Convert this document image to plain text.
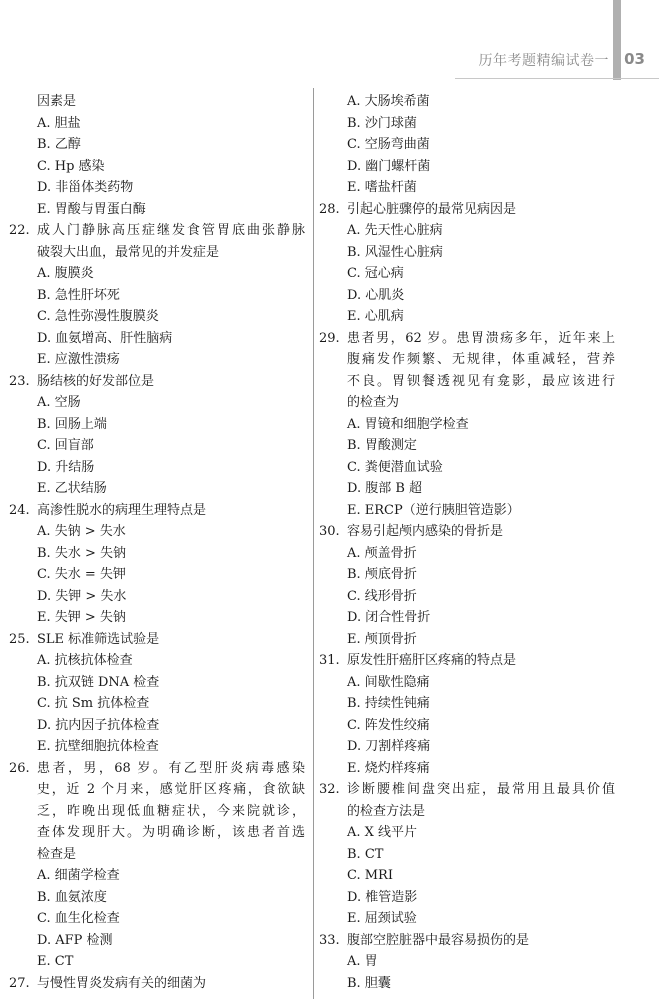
历年考题精编试卷一 03
因素是
A. 胆盐
B. 乙醇
C. Hp 感染
D. 非甾体类药物
E. 胃酸与胃蛋白酶
22. 成人门静脉高压症继发食管胃底曲张静脉
破裂大出血，最常见的并发症是
A. 腹膜炎
B. 急性肝坏死
C. 急性弥漫性腹膜炎
D. 血氨增高、肝性脑病
E. 应激性溃疡
23. 肠结核的好发部位是
A. 空肠
B. 回肠上端
C. 回盲部
D. 升结肠
E. 乙状结肠
24. 高渗性脱水的病理生理特点是
A. 失钠 > 失水
B. 失水 > 失钠
C. 失水 = 失钾
D. 失钾 > 失水
E. 失钾 > 失钠
25. SLE 标准筛选试验是
A. 抗核抗体检查
B. 抗双链 DNA 检查
C. 抗 Sm 抗体检查
D. 抗内因子抗体检查
E. 抗壁细胞抗体检查
26. 患者，男，68 岁。有乙型肝炎病毒感染
史，近 2 个月来，感觉肝区疼痛，食欲缺
乏，昨晚出现低血糖症状，今来院就诊，
查体发现肝大。为明确诊断，该患者首选
检查是
A. 细菌学检查
B. 血氨浓度
C. 血生化检查
D. AFP 检测
E. CT
27. 与慢性胃炎发病有关的细菌为
A. 大肠埃希菌
B. 沙门球菌
C. 空肠弯曲菌
D. 幽门螺杆菌
E. 嗜盐杆菌
28. 引起心脏骤停的最常见病因是
A. 先天性心脏病
B. 风湿性心脏病
C. 冠心病
D. 心肌炎
E. 心肌病
29. 患者男，62 岁。患胃溃疡多年，近年来上
腹痛发作频繁、无规律，体重减轻，营养
不良。胃钡餐透视见有龛影，最应该进行
的检查为
A. 胃镜和细胞学检查
B. 胃酸测定
C. 粪便潜血试验
D. 腹部 B 超
E. ERCP（逆行胰胆管造影）
30. 容易引起颅内感染的骨折是
A. 颅盖骨折
B. 颅底骨折
C. 线形骨折
D. 闭合性骨折
E. 颅顶骨折
31. 原发性肝癌肝区疼痛的特点是
A. 间歇性隐痛
B. 持续性钝痛
C. 阵发性绞痛
D. 刀割样疼痛
E. 烧灼样疼痛
32. 诊断腰椎间盘突出症，最常用且最具价值
的检查方法是
A. X 线平片
B. CT
C. MRI
D. 椎管造影
E. 屈颈试验
33. 腹部空腔脏器中最容易损伤的是
A. 胃
B. 胆囊
